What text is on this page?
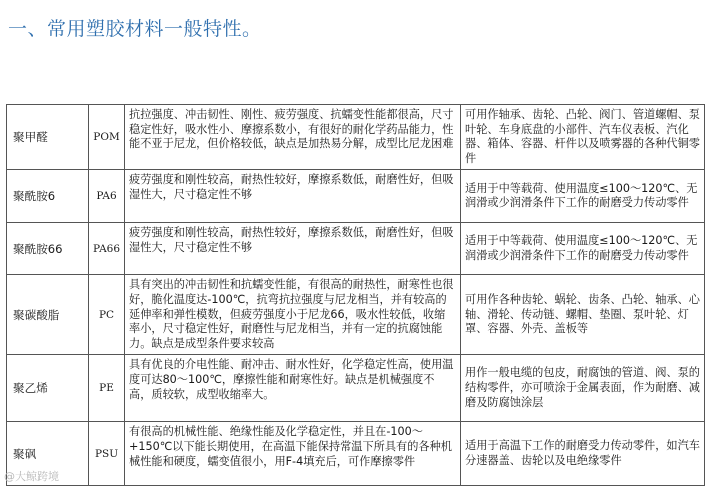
一、常用塑胶材料一般特性。
聚甲醛	POM	抗拉强度、冲击韧性、刚性、疲劳强度、抗蠕变性能都很高，尺寸稳定性好，吸水性小、摩擦系数小，有很好的耐化学药品能力，性能不亚于尼龙，但价格较低，缺点是加热易分解，成型比尼龙困难	可用作轴承、齿轮、凸轮、阀门、管道螺帽、泵叶轮、车身底盘的小部件、汽车仪表板、汽化器、箱体、容器、杆件以及喷雾器的各种代铜零件
聚酰胺6	PA6	疲劳强度和刚性较高，耐热性较好，摩擦系数低，耐磨性好，但吸湿性大，尺寸稳定性不够	适用于中等载荷、使用温度≤100～120℃、无润滑或少润滑条件下工作的耐磨受力传动零件
聚酰胺66	PA66	疲劳强度和刚性较高，耐热性较好，摩擦系数低，耐磨性好，但吸湿性大，尺寸稳定性不够	适用于中等载荷、使用温度≤100～120℃、无润滑或少润滑条件下工作的耐磨受力传动零件
聚碳酸脂	PC	具有突出的冲击韧性和抗蠕变性能，有很高的耐热性，耐寒性也很好，脆化温度达-100℃，抗弯抗拉强度与尼龙相当，并有较高的延伸率和弹性模数，但疲劳强度小于尼龙66，吸水性较低，收缩率小，尺寸稳定性好，耐磨性与尼龙相当，并有一定的抗腐蚀能力。缺点是成型条件要求较高	可用作各种齿轮、蜗轮、齿条、凸轮、轴承、心轴、滑轮、传动链、螺帽、垫圈、泵叶轮、灯罩、容器、外壳、盖板等
聚乙烯	PE	具有优良的介电性能、耐冲击、耐水性好，化学稳定性高，使用温度可达80～100℃，摩擦性能和耐寒性好。缺点是机械强度不高，质较软，成型收缩率大。	用作一般电缆的包皮，耐腐蚀的管道、阀、泵的结构零件，亦可喷涂于金属表面，作为耐磨、减磨及防腐蚀涂层
聚砜	PSU	有很高的机械性能、绝缘性能及化学稳定性，并且在-100～+150℃以下能长期使用，在高温下能保持常温下所具有的各种机械性能和硬度，蠕变值很小，用F-4填充后，可作摩擦零件	适用于高温下工作的耐磨受力传动零件，如汽车分速器盖、齿轮以及电绝缘零件
@大鲸跨境
